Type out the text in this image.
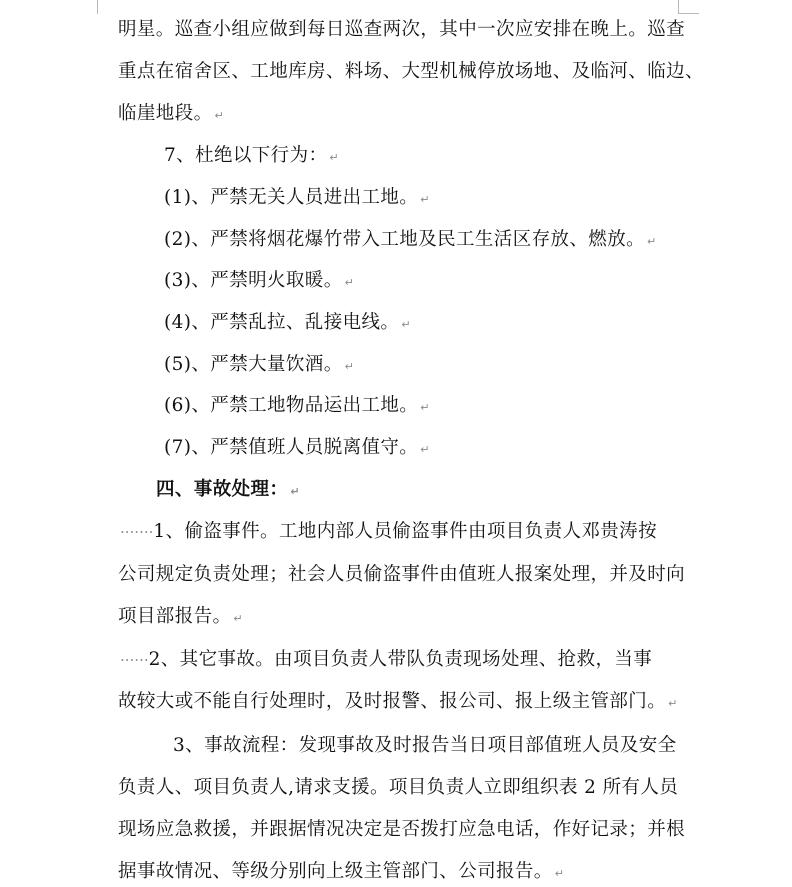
明星。巡查小组应做到每日巡查两次，其中一次应安排在晚上。巡查
重点在宿舍区、工地库房、料场、大型机械停放场地、及临河、临边、
临崖地段。 ↵
7、杜绝以下行为： ↵
(1)、严禁无关人员进出工地。 ↵
(2)、严禁将烟花爆竹带入工地及民工生活区存放、燃放。 ↵
(3)、严禁明火取暖。 ↵
(4)、严禁乱拉、乱接电线。 ↵
(5)、严禁大量饮酒。 ↵
(6)、严禁工地物品运出工地。 ↵
(7)、严禁值班人员脱离值守。 ↵
四、事故处理： ↵
·······1、偷盗事件。工地内部人员偷盗事件由项目负责人邓贵涛按
公司规定负责处理；社会人员偷盗事件由值班人报案处理，并及时向
项目部报告。 ↵
······2、其它事故。由项目负责人带队负责现场处理、抢救，当事
故较大或不能自行处理时，及时报警、报公司、报上级主管部门。 ↵
3、事故流程：发现事故及时报告当日项目部值班人员及安全
负责人、项目负责人,请求支援。项目负责人立即组织表 2 所有人员
现场应急救援，并跟据情况决定是否拨打应急电话，作好记录；并根
据事故情况、等级分别向上级主管部门、公司报告。 ↵
